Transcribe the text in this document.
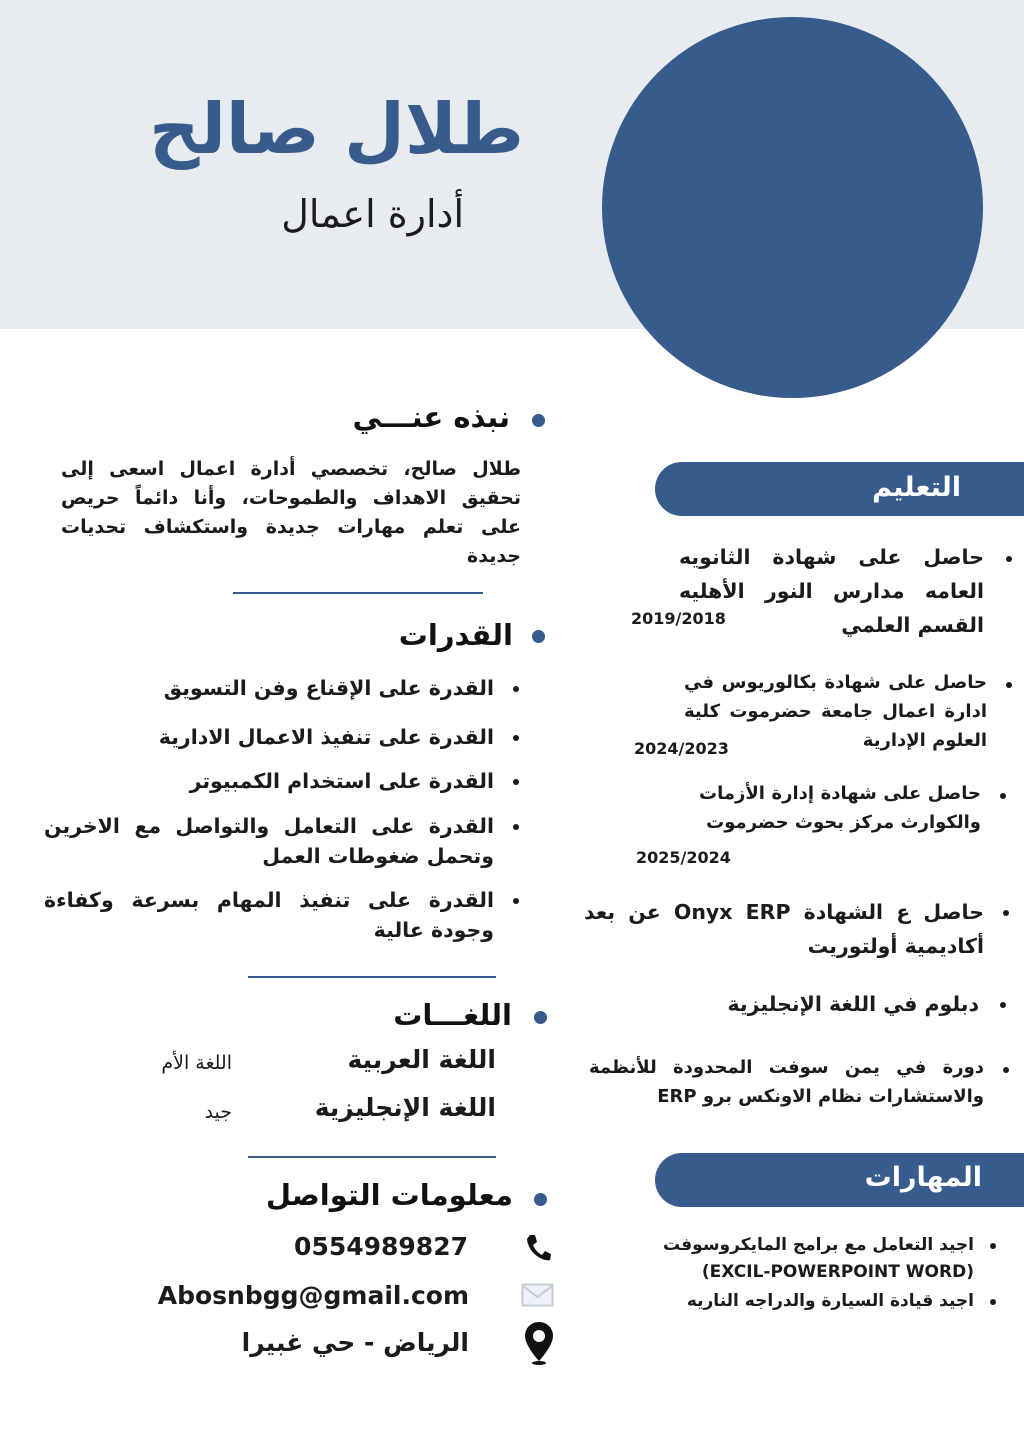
طلال صالح
أدارة اعمال
نبذه عنـــي
طلال صالح، تخصصي أدارة اعمال اسعى إلى تحقيق الاهداف والطموحات، وأنا دائماً حريص على تعلم مهارات جديدة واستكشاف تحديات جديدة
القدرات
القدرة على الإقناع وفن التسويق
القدرة على تنفيذ الاعمال الادارية
القدرة على استخدام الكمبيوتر
القدرة على التعامل والتواصل مع الاخرين وتحمل ضغوطات العمل
القدرة على تنفيذ المهام بسرعة وكفاءة وجودة عالية
اللغـــات
اللغة العربية
اللغة الأم
اللغة الإنجليزية
جيد
معلومات التواصل
0554989827
Abosnbgg@gmail.com
الرياض - حي غبيرا
التعليم
حاصل على شهادة الثانويه العامه مدارس النور الأهليه القسم العلمي
2019/2018
حاصل على شهادة بكالوريوس في ادارة اعمال جامعة حضرموت كلية العلوم الإدارية
2024/2023
حاصل على شهادة إدارة الأزمات والكوارث مركز بحوث حضرموت
2025/2024
حاصل ع الشهادة Onyx ERP عن بعد أكاديمية أولتوريت
دبلوم في اللغة الإنجليزية
دورة في يمن سوفت المحدودة للأنظمة والاستشارات نظام الاونكس برو ERP
المهارات
اجيد التعامل مع برامج المايكروسوفت (EXCIL-POWERPOINT WORD)
اجيد قيادة السيارة والدراجه الناريه
